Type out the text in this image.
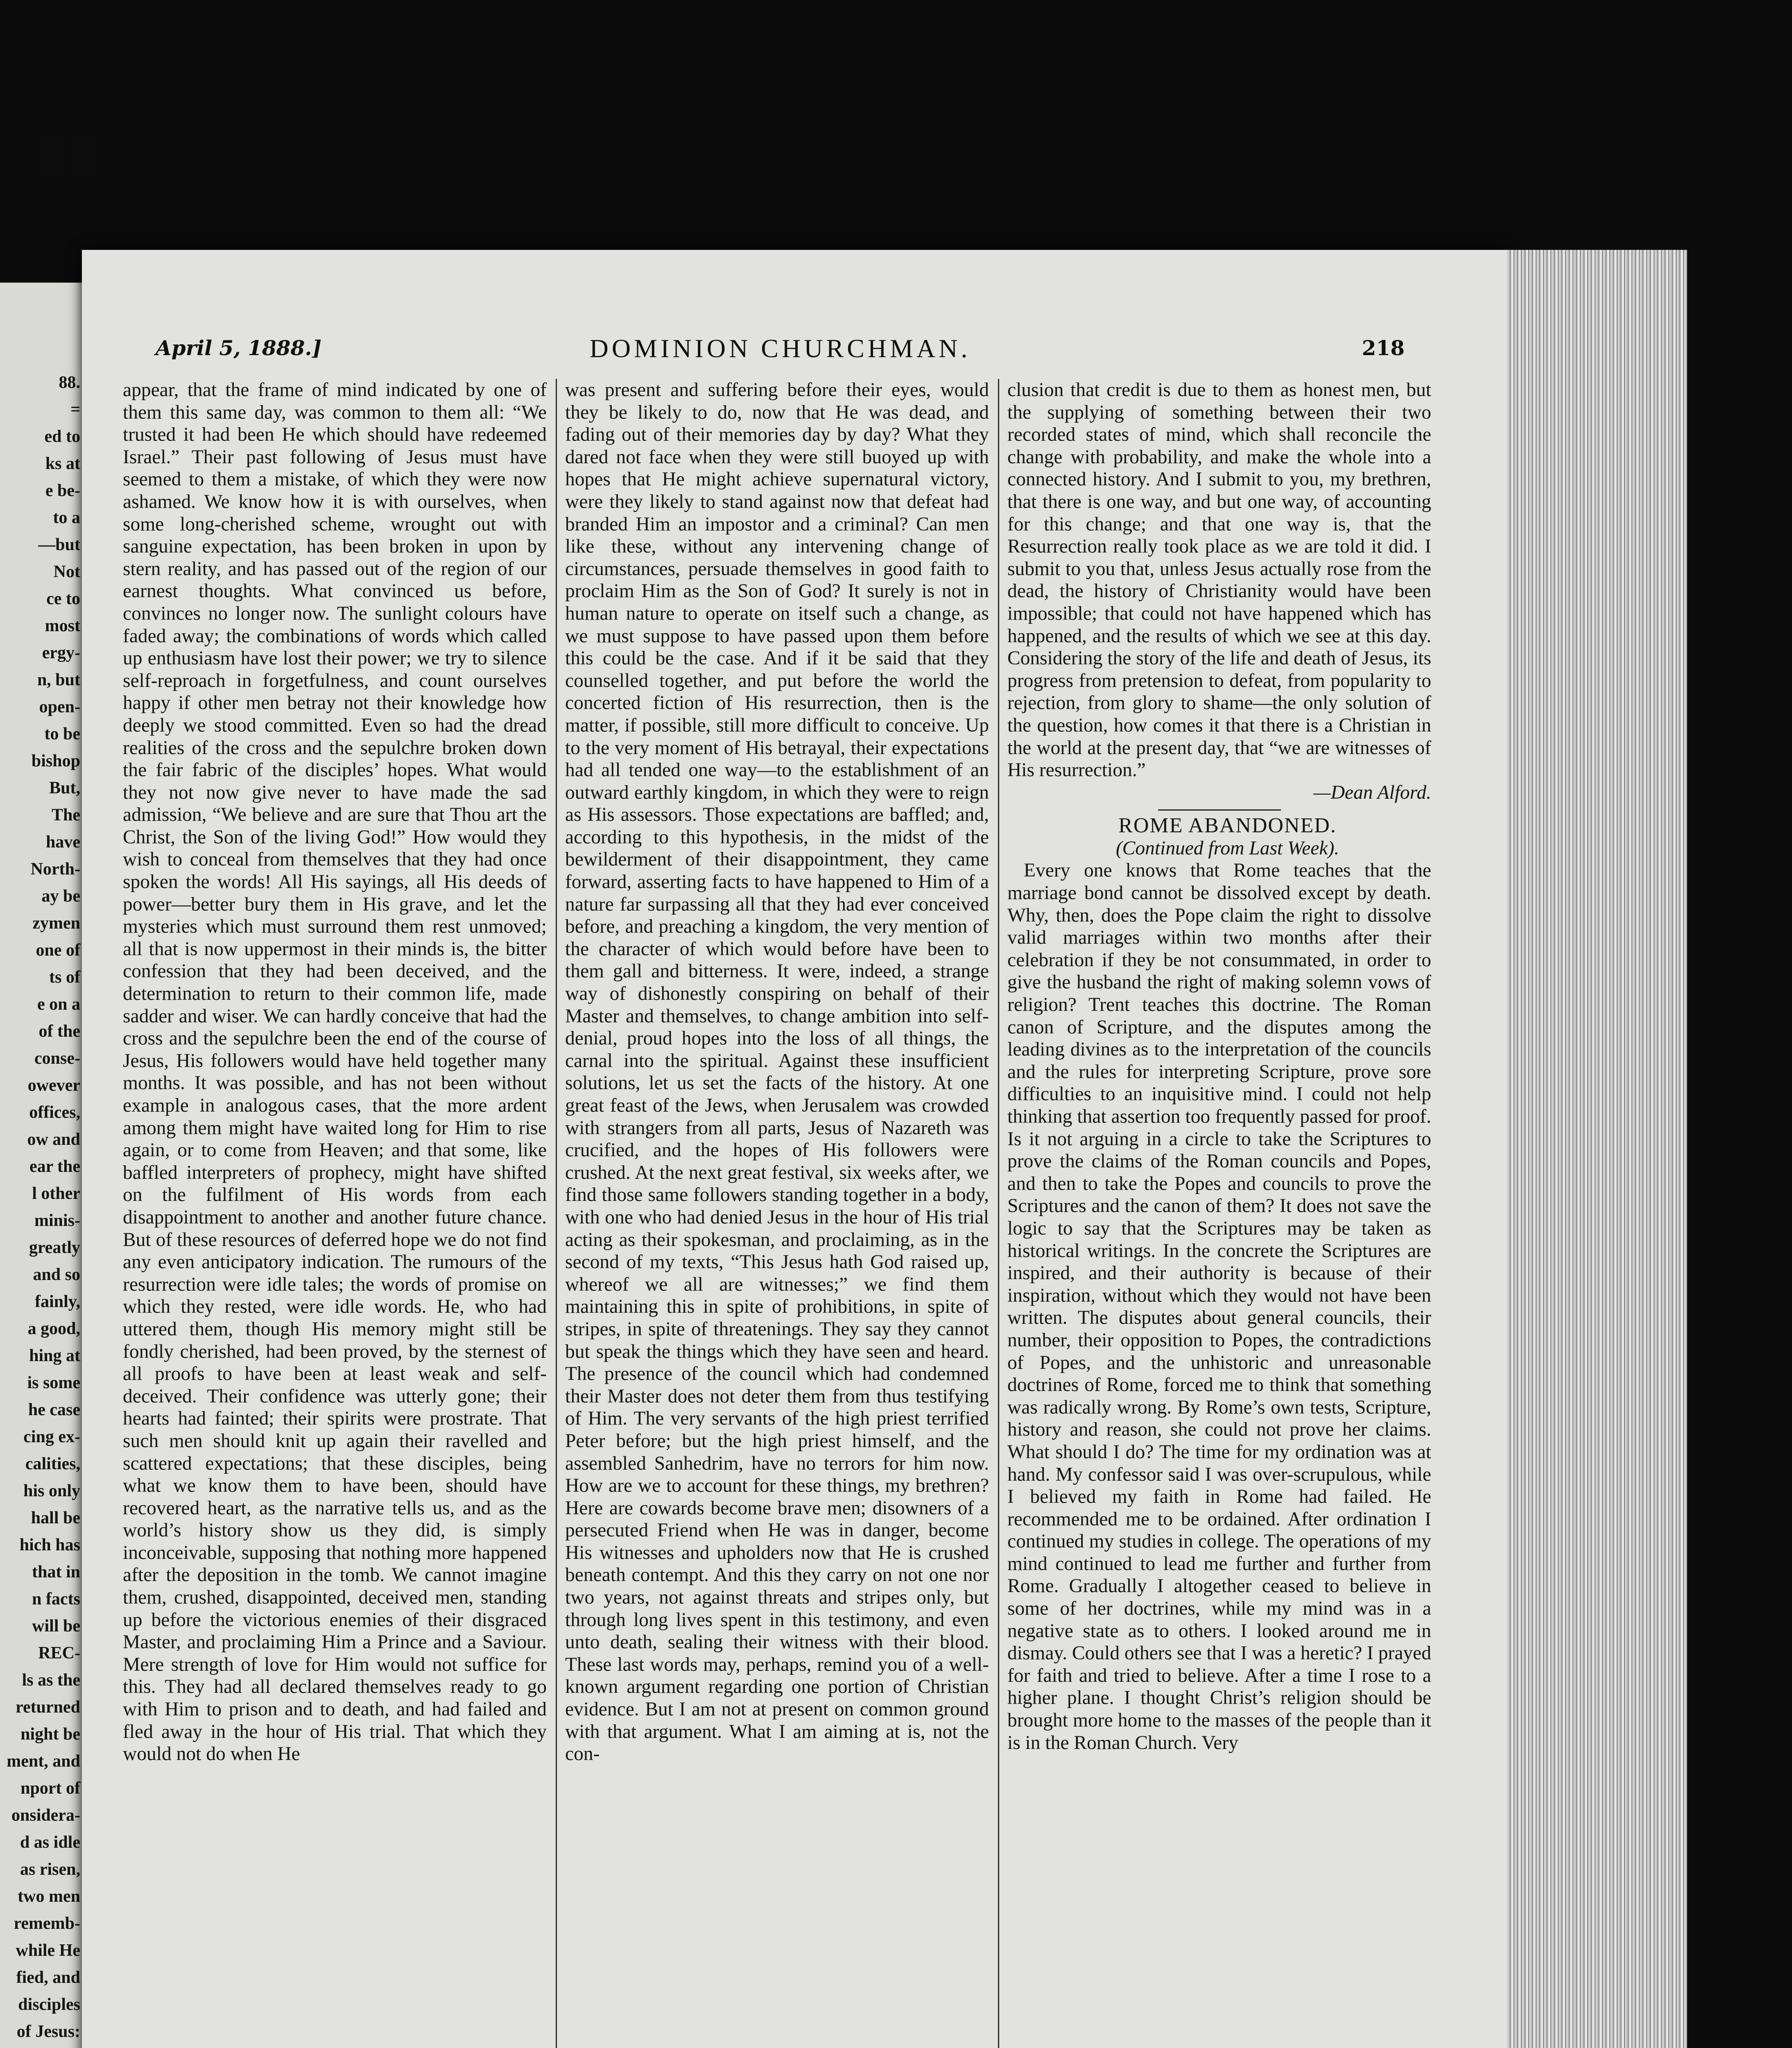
88.
=
ed to
ks at
e be-
to a
—but
Not
ce to
most
ergy-
n, but
open-
to be
bishop
But,
The
have
North-
ay be
zymen
one of
ts of
e on a
of the
conse-
owever
offices,
ow and
ear the
l other
minis-
greatly
and so
fainly,
a good,
hing at
is some
he case
cing ex-
calities,
his only
hall be
hich has
that in
n facts
will be
REC-
ls as the
returned
night be
ment, and
nport of
onsidera-
d as idle
as risen,
two men
rememb-
while He
fied, and
disciples
of Jesus:
April 5, 1888.]	DOMINION CHURCHMAN.	218

appear, that the frame of mind indicated by one of them this same day, was common to them all: “We trusted it had been He which should have redeemed Israel.” Their past following of Jesus must have seemed to them a mistake, of which they were now ashamed. We know how it is with ourselves, when some long-cherished scheme, wrought out with sanguine expectation, has been broken in upon by stern reality, and has passed out of the region of our earnest thoughts. What convinced us before, convinces no longer now. The sunlight colours have faded away; the combinations of words which called up enthusiasm have lost their power; we try to silence self-reproach in forgetfulness, and count ourselves happy if other men betray not their knowledge how deeply we stood committed. Even so had the dread realities of the cross and the sepulchre broken down the fair fabric of the disciples’ hopes. What would they not now give never to have made the sad admission, “We believe and are sure that Thou art the Christ, the Son of the living God!” How would they wish to conceal from themselves that they had once spoken the words! All His sayings, all His deeds of power—better bury them in His grave, and let the mysteries which must surround them rest unmoved; all that is now uppermost in their minds is, the bitter confession that they had been deceived, and the determination to return to their common life, made sadder and wiser. We can hardly conceive that had the cross and the sepulchre been the end of the course of Jesus, His followers would have held together many months. It was possible, and has not been without example in analogous cases, that the more ardent among them might have waited long for Him to rise again, or to come from Heaven; and that some, like baffled interpreters of prophecy, might have shifted on the fulfilment of His words from each disappointment to another and another future chance. But of these resources of deferred hope we do not find any even anticipatory indication. The rumours of the resurrection were idle tales; the words of promise on which they rested, were idle words. He, who had uttered them, though His memory might still be fondly cherished, had been proved, by the sternest of all proofs to have been at least weak and self-deceived. Their confidence was utterly gone; their hearts had fainted; their spirits were prostrate. That such men should knit up again their ravelled and scattered expectations; that these disciples, being what we know them to have been, should have recovered heart, as the narrative tells us, and as the world’s history show us they did, is simply inconceivable, supposing that nothing more happened after the deposition in the tomb. We cannot imagine them, crushed, disappointed, deceived men, standing up before the victorious enemies of their disgraced Master, and proclaiming Him a Prince and a Saviour. Mere strength of love for Him would not suffice for this. They had all declared themselves ready to go with Him to prison and to death, and had failed and fled away in the hour of His trial. That which they would not do when He

was present and suffering before their eyes, would they be likely to do, now that He was dead, and fading out of their memories day by day? What they dared not face when they were still buoyed up with hopes that He might achieve supernatural victory, were they likely to stand against now that defeat had branded Him an impostor and a criminal? Can men like these, without any intervening change of circumstances, persuade themselves in good faith to proclaim Him as the Son of God? It surely is not in human nature to operate on itself such a change, as we must suppose to have passed upon them before this could be the case. And if it be said that they counselled together, and put before the world the concerted fiction of His resurrection, then is the matter, if possible, still more difficult to conceive. Up to the very moment of His betrayal, their expectations had all tended one way—to the establishment of an outward earthly kingdom, in which they were to reign as His assessors. Those expectations are baffled; and, according to this hypothesis, in the midst of the bewilderment of their disappointment, they came forward, asserting facts to have happened to Him of a nature far surpassing all that they had ever conceived before, and preaching a kingdom, the very mention of the character of which would before have been to them gall and bitterness. It were, indeed, a strange way of dishonestly conspiring on behalf of their Master and themselves, to change ambition into self-denial, proud hopes into the loss of all things, the carnal into the spiritual. Against these insufficient solutions, let us set the facts of the history. At one great feast of the Jews, when Jerusalem was crowded with strangers from all parts, Jesus of Nazareth was crucified, and the hopes of His followers were crushed. At the next great festival, six weeks after, we find those same followers standing together in a body, with one who had denied Jesus in the hour of His trial acting as their spokesman, and proclaiming, as in the second of my texts, “This Jesus hath God raised up, whereof we all are witnesses;” we find them maintaining this in spite of prohibitions, in spite of stripes, in spite of threatenings. They say they cannot but speak the things which they have seen and heard. The presence of the council which had condemned their Master does not deter them from thus testifying of Him. The very servants of the high priest terrified Peter before; but the high priest himself, and the assembled Sanhedrim, have no terrors for him now. How are we to account for these things, my brethren? Here are cowards become brave men; disowners of a persecuted Friend when He was in danger, become His witnesses and upholders now that He is crushed beneath contempt. And this they carry on not one nor two years, not against threats and stripes only, but through long lives spent in this testimony, and even unto death, sealing their witness with their blood. These last words may, perhaps, remind you of a well-known argument regarding one portion of Christian evidence. But I am not at present on common ground with that argument. What I am aiming at is, not the con-

clusion that credit is due to them as honest men, but the supplying of something between their two recorded states of mind, which shall reconcile the change with probability, and make the whole into a connected history. And I submit to you, my brethren, that there is one way, and but one way, of accounting for this change; and that one way is, that the Resurrection really took place as we are told it did. I submit to you that, unless Jesus actually rose from the dead, the history of Christianity would have been impossible; that could not have happened which has happened, and the results of which we see at this day. Considering the story of the life and death of Jesus, its progress from pretension to defeat, from popularity to rejection, from glory to shame—the only solution of the question, how comes it that there is a Christian in the world at the present day, that “we are witnesses of His resurrection.”

—Dean Alford.

ROME ABANDONED.

(Continued from Last Week).

Every one knows that Rome teaches that the marriage bond cannot be dissolved except by death. Why, then, does the Pope claim the right to dissolve valid marriages within two months after their celebration if they be not consummated, in order to give the husband the right of making solemn vows of religion? Trent teaches this doctrine. The Roman canon of Scripture, and the disputes among the leading divines as to the interpretation of the councils and the rules for interpreting Scripture, prove sore difficulties to an inquisitive mind. I could not help thinking that assertion too frequently passed for proof. Is it not arguing in a circle to take the Scriptures to prove the claims of the Roman councils and Popes, and then to take the Popes and councils to prove the Scriptures and the canon of them? It does not save the logic to say that the Scriptures may be taken as historical writings. In the concrete the Scriptures are inspired, and their authority is because of their inspiration, without which they would not have been written. The disputes about general councils, their number, their opposition to Popes, the contradictions of Popes, and the unhistoric and unreasonable doctrines of Rome, forced me to think that something was radically wrong. By Rome’s own tests, Scripture, history and reason, she could not prove her claims. What should I do? The time for my ordination was at hand. My confessor said I was over-scrupulous, while I believed my faith in Rome had failed. He recommended me to be ordained. After ordination I continued my studies in college. The operations of my mind continued to lead me further and further from Rome. Gradually I altogether ceased to believe in some of her doctrines, while my mind was in a negative state as to others. I looked around me in dismay. Could others see that I was a heretic? I prayed for faith and tried to believe. After a time I rose to a higher plane. I thought Christ’s religion should be brought more home to the masses of the people than it is in the Roman Church. Very
